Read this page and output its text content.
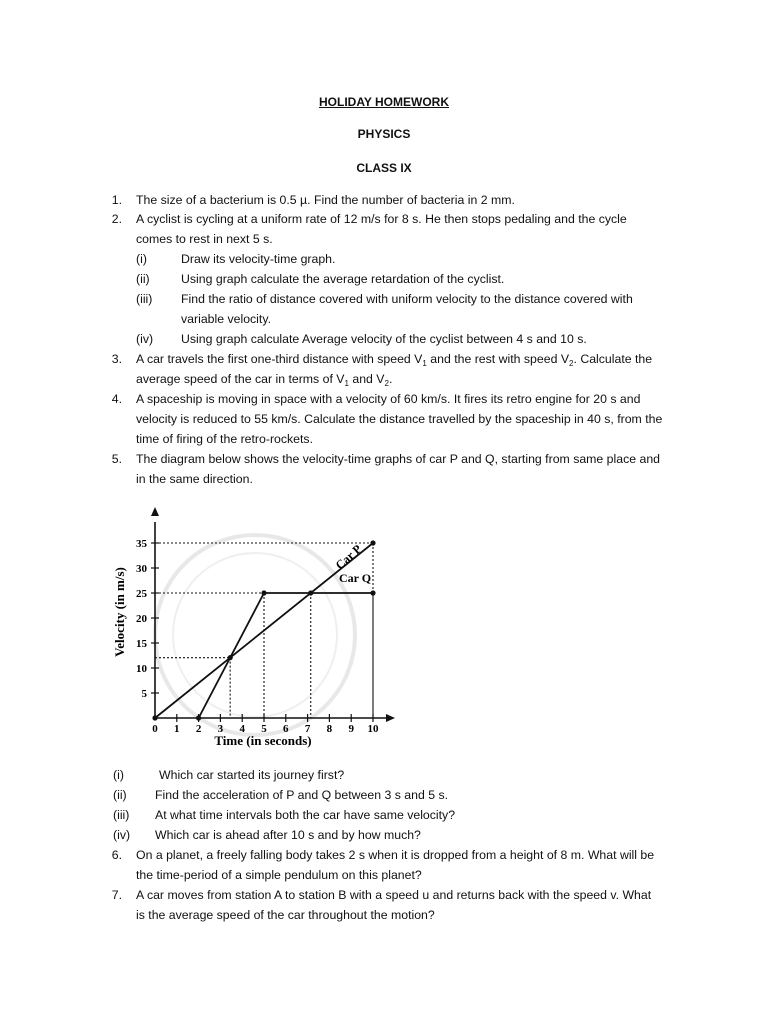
HOLIDAY HOMEWORK
PHYSICS
CLASS IX
1. The size of a bacterium is 0.5 µ. Find the number of bacteria in 2 mm.
2. A cyclist is cycling at a uniform rate of 12 m/s for 8 s. He then stops pedaling and the cycle
comes to rest in next 5 s.
(i)	Draw its velocity-time graph.
(ii)	Using graph calculate the average retardation of the cyclist.
(iii) Find the ratio of distance covered with uniform velocity to the distance covered with
variable velocity.
(iv) Using graph calculate Average velocity of the cyclist between 4 s and 10 s.
3. A car travels the first one-third distance with speed $V_1$ and the rest with speed $V_2$. Calculate the
average speed of the car in terms of $V_1$ and $V_2$.
4. A spaceship is moving in space with a velocity of 60 km/s. It fires its retro engine for 20 s and
velocity is reduced to 55 km/s. Calculate the distance travelled by the spaceship in 40 s, from the
time of firing of the retro-rockets.
5. The diagram below shows the velocity-time graphs of car P and Q, starting from same place and
in the same direction.
0 1 2 3 4 5 6 7 8 9 10
5
10
15
20
25
30
35
Time (in seconds)
Velocity (in m/s)
Car P
Car Q
(i)	Which car started its journey first?
(ii) Find the acceleration of P and Q between 3 s and 5 s.
(iii) At what time intervals both the car have same velocity?
(iv) Which car is ahead after 10 s and by how much?
6. On a planet, a freely falling body takes 2 s when it is dropped from a height of 8 m. What will be
the time-period of a simple pendulum on this planet?
7. A car moves from station A to station B with a speed u and returns back with the speed v. What
is the average speed of the car throughout the motion?
